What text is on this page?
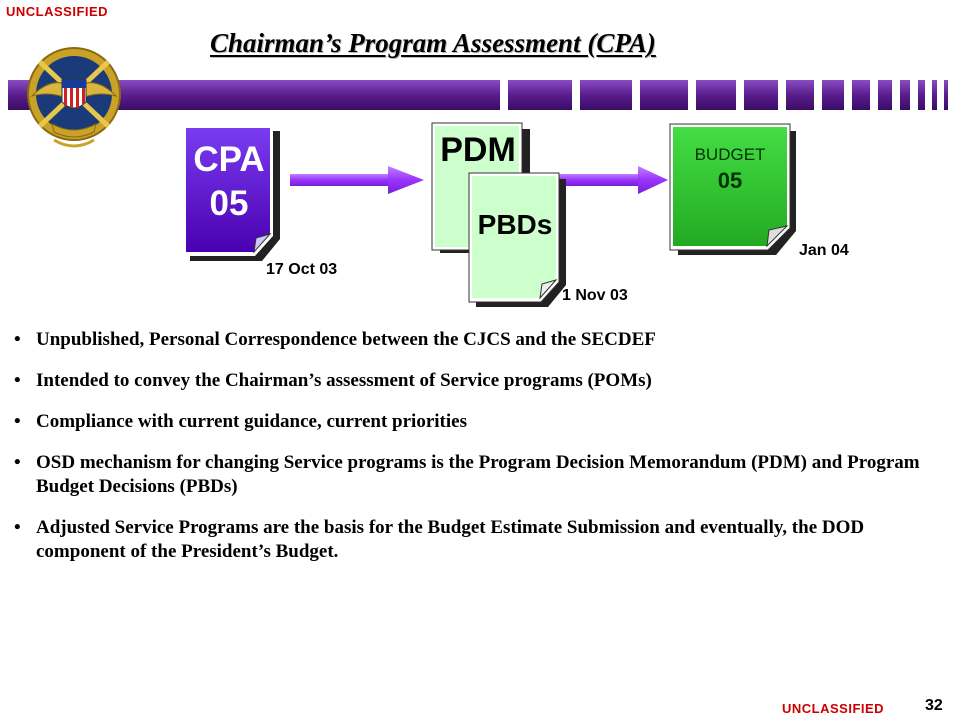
UNCLASSIFIED
Chairman’s Program Assessment (CPA)
CPA
05
PDM
PBDs
BUDGET
05
17 Oct 03
1 Nov 03
Jan 04
• Unpublished, Personal Correspondence between the CJCS and the SECDEF
• Intended to convey the Chairman’s assessment of Service programs (POMs)
• Compliance with current guidance, current priorities
• OSD mechanism for changing Service programs is the Program Decision Memorandum (PDM) and Program Budget Decisions (PBDs)
• Adjusted Service Programs are the basis for the Budget Estimate Submission and eventually, the DOD component of the President’s Budget.
UNCLASSIFIED	32
